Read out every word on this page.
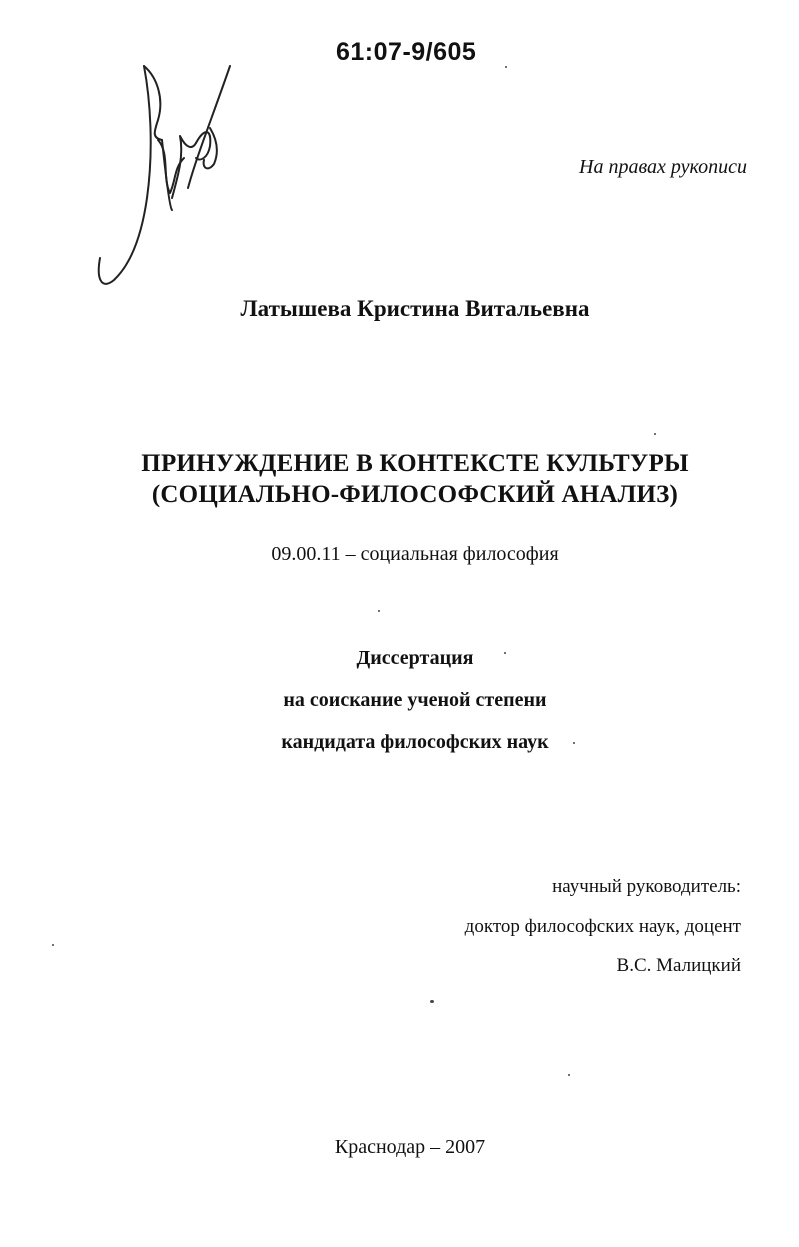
61:07-9/605
На правах рукописи
Латышева Кристина Витальевна
ПРИНУЖДЕНИЕ В КОНТЕКСТЕ КУЛЬТУРЫ
(СОЦИАЛЬНО-ФИЛОСОФСКИЙ АНАЛИЗ)
09.00.11 – социальная философия
Диссертация
на соискание ученой степени
кандидата философских наук
научный руководитель:
доктор философских наук, доцент
В.С. Малицкий
Краснодар – 2007
